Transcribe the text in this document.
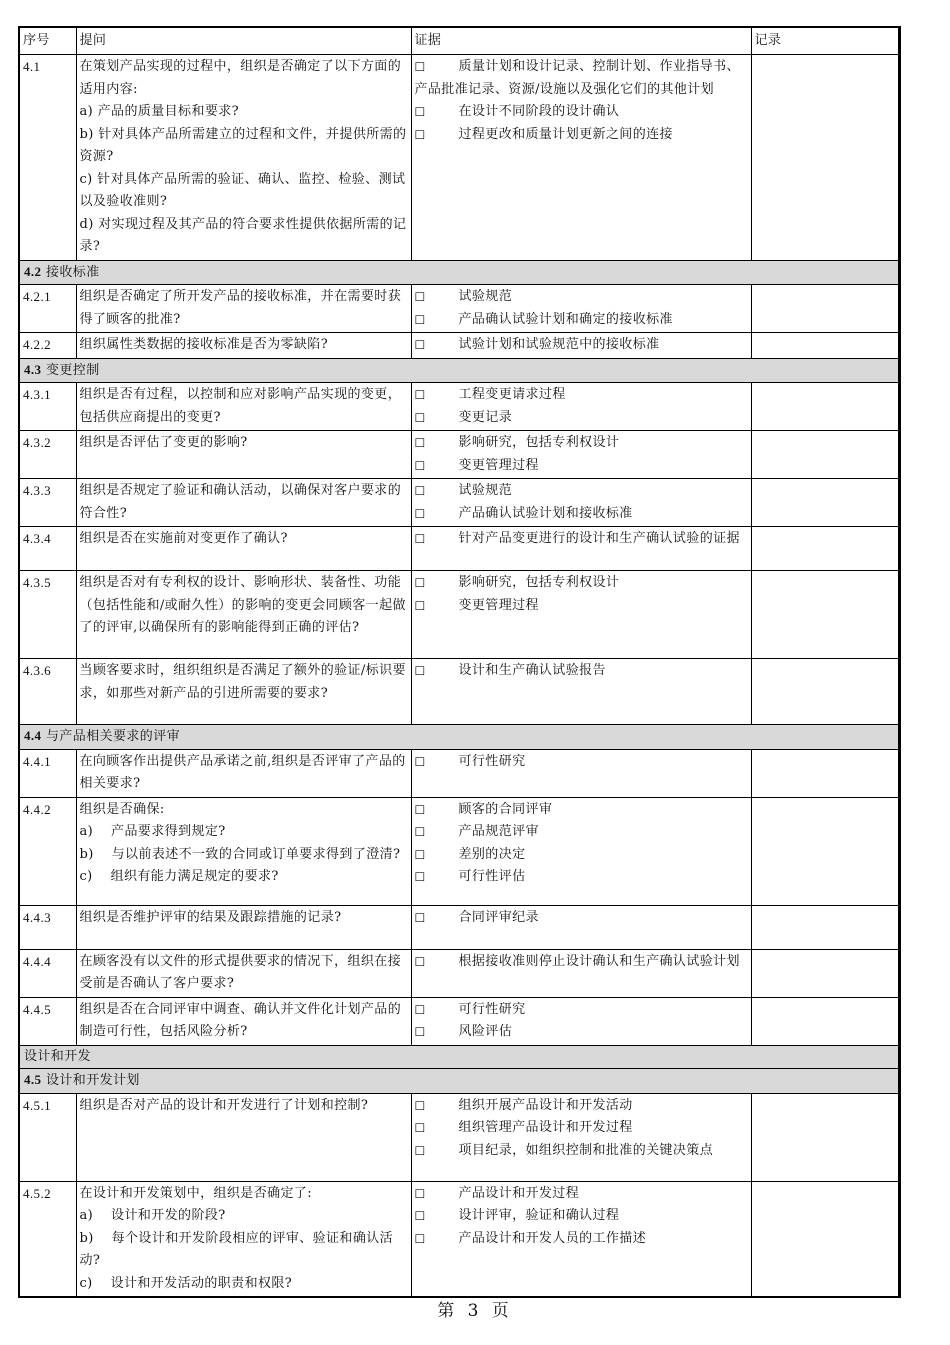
序号	提问	证据	记录
4.1	在策划产品实现的过程中，组织是否确定了以下方面的适用内容:
a) 产品的质量目标和要求?
b) 针对具体产品所需建立的过程和文件，并提供所需的资源?
c) 针对具体产品所需的验证、确认、监控、检验、测试以及验收准则?
d) 对实现过程及其产品的符合要求性提供依据所需的记录?	☐ 质量计划和设计记录、控制计划、作业指导书、产品批准记录、资源/设施以及强化它们的其他计划
☐ 在设计不同阶段的设计确认
☐ 过程更改和质量计划更新之间的连接	

4.2 接收标准			
4.2.1	组织是否确定了所开发产品的接收标准，并在需要时获得了顾客的批准?	☐ 试验规范
☐ 产品确认试验计划和确定的接收标准	

4.2.2	组织属性类数据的接收标准是否为零缺陷?	☐ 试验计划和试验规范中的接收标准	

4.3 变更控制			
4.3.1	组织是否有过程，以控制和应对影响产品实现的变更，包括供应商提出的变更?	☐ 工程变更请求过程
☐ 变更记录	

4.3.2	组织是否评估了变更的影响?	☐ 影响研究，包括专利权设计
☐ 变更管理过程	

4.3.3	组织是否规定了验证和确认活动，以确保对客户要求的符合性?	☐ 试验规范
☐ 产品确认试验计划和接收标准	

4.3.4	组织是否在实施前对变更作了确认?	☐ 针对产品变更进行的设计和生产确认试验的证据	

4.3.5	组织是否对有专利权的设计、影响形状、装备性、功能（包括性能和/或耐久性）的影响的变更会同顾客一起做了的评审,以确保所有的影响能得到正确的评估?	☐ 影响研究，包括专利权设计
☐ 变更管理过程	

4.3.6	当顾客要求时，组织组织是否满足了额外的验证/标识要求，如那些对新产品的引进所需要的要求?	☐ 设计和生产确认试验报告	

4.4 与产品相关要求的评审			
4.4.1	在向顾客作出提供产品承诺之前,组织是否评审了产品的相关要求?	☐ 可行性研究	

4.4.2	组织是否确保:
a)　 产品要求得到规定?
b)　 与以前表述不一致的合同或订单要求得到了澄清?
c)　 组织有能力满足规定的要求?	☐ 顾客的合同评审
☐ 产品规范评审
☐ 差别的决定
☐ 可行性评估	

4.4.3	组织是否维护评审的结果及跟踪措施的记录?	☐ 合同评审纪录	

4.4.4	在顾客没有以文件的形式提供要求的情况下，组织在接受前是否确认了客户要求?	☐ 根据接收准则停止设计确认和生产确认试验计划	

4.4.5	组织是否在合同评审中调查、确认并文件化计划产品的制造可行性，包括风险分析?	☐ 可行性研究
☐ 风险评估	

设计和开发			
4.5 设计和开发计划			
4.5.1	组织是否对产品的设计和开发进行了计划和控制?	☐ 组织开展产品设计和开发活动
☐ 组织管理产品设计和开发过程
☐ 项目纪录，如组织控制和批准的关键决策点	

4.5.2	在设计和开发策划中，组织是否确定了:
a)　 设计和开发的阶段?
b)　 每个设计和开发阶段相应的评审、验证和确认活动?
c)　 设计和开发活动的职责和权限?	☐ 产品设计和开发过程
☐ 设计评审，验证和确认过程
☐ 产品设计和开发人员的工作描述	

第 3 页
